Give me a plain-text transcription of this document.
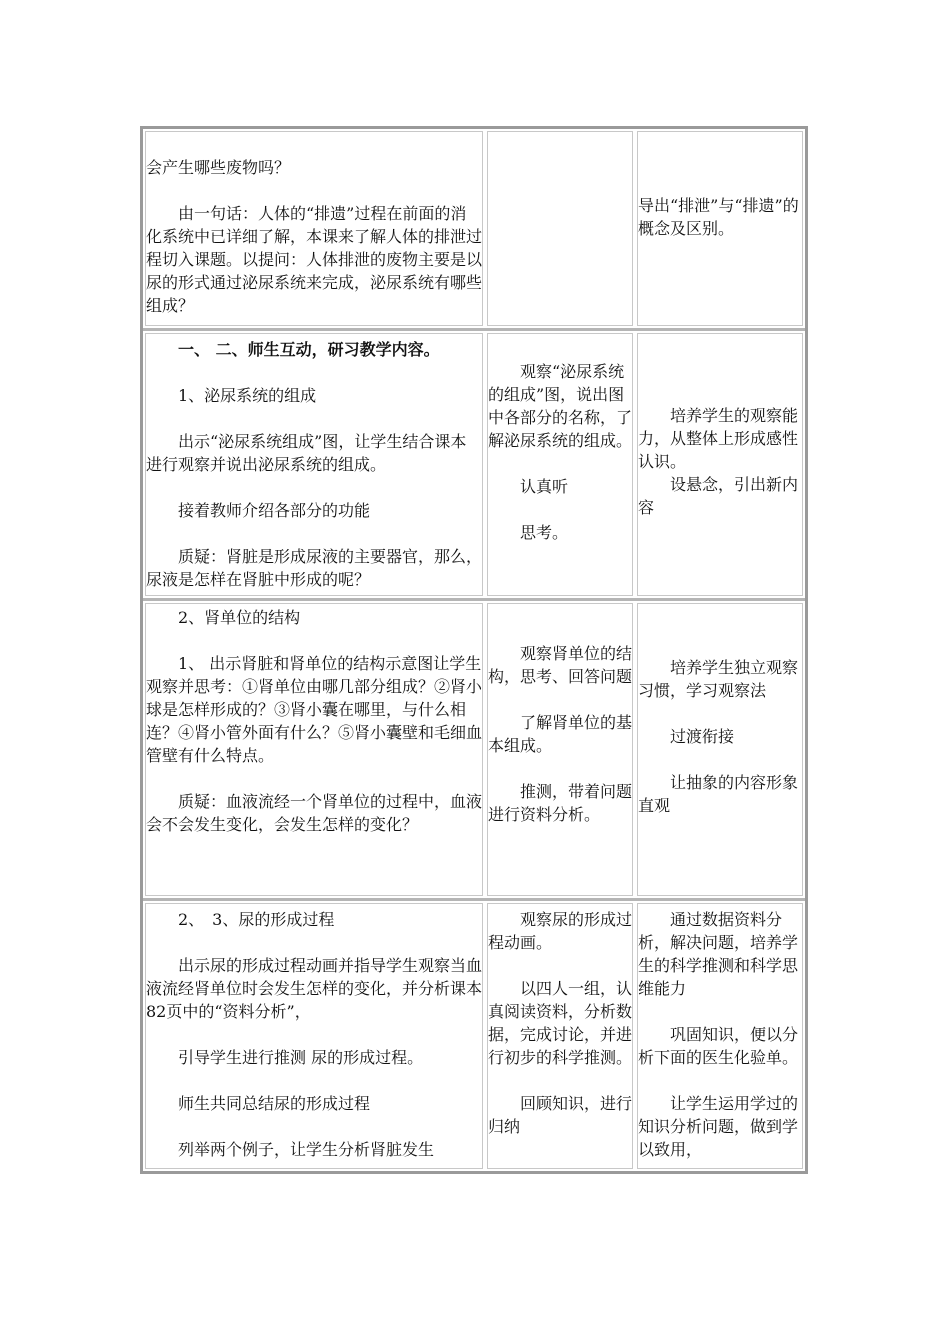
会产生哪些废物吗？

由一句话：人体的“排遗”过程在前面的消化系统中已详细了解，本课来了解人体的排泄过程切入课题。以提问：人体排泄的废物主要是以尿的形式通过泌尿系统来完成，泌尿系统有哪些组成？

导出“排泄”与“排遗”的概念及区别。

一、 二、师生互动，研习教学内容。

1、泌尿系统的组成

出示“泌尿系统组成”图，让学生结合课本进行观察并说出泌尿系统的组成。

接着教师介绍各部分的功能

质疑：肾脏是形成尿液的主要器官，那么，尿液是怎样在肾脏中形成的呢？

观察“泌尿系统的组成”图，说出图中各部分的名称，了解泌尿系统的组成。

认真听

思考。

培养学生的观察能力，从整体上形成感性认识。

设悬念，引出新内容

2、肾单位的结构

1、 出示肾脏和肾单位的结构示意图让学生观察并思考：①肾单位由哪几部分组成？②肾小球是怎样形成的？③肾小囊在哪里，与什么相连？④肾小管外面有什么？⑤肾小囊壁和毛细血管壁有什么特点。

质疑：血液流经一个肾单位的过程中，血液会不会发生变化，会发生怎样的变化？

观察肾单位的结构，思考、回答问题

了解肾单位的基本组成。

推测，带着问题进行资料分析。

培养学生独立观察习惯，学习观察法

过渡衔接

让抽象的内容形象直观

2、　3、尿的形成过程

出示尿的形成过程动画并指导学生观察当血液流经肾单位时会发生怎样的变化，并分析课本82页中的“资料分析”，

引导学生进行推测 尿的形成过程。

师生共同总结尿的形成过程

列举两个例子，让学生分析肾脏发生

观察尿的形成过程动画。

以四人一组，认真阅读资料，分析数据，完成讨论，并进行初步的科学推测。

回顾知识，进行归纳

通过数据资料分析，解决问题，培养学生的科学推测和科学思维能力

巩固知识，便以分析下面的医生化验单。

让学生运用学过的知识分析问题，做到学以致用，
